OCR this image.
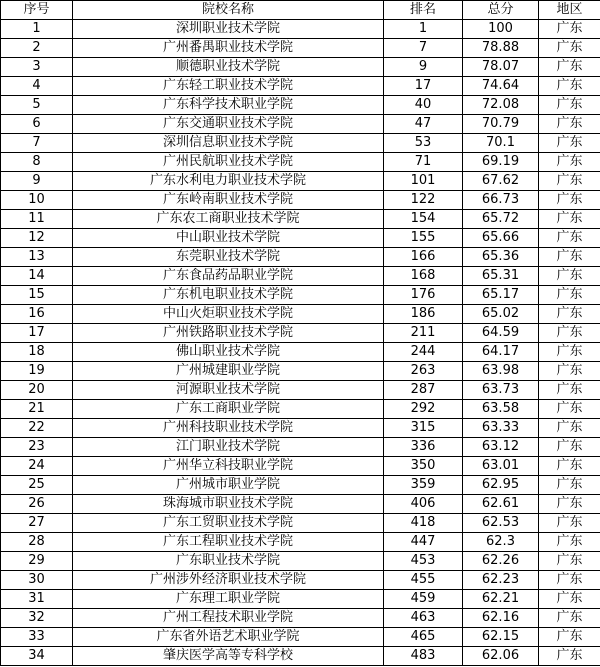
序号	院校名称	排名	总分	地区
1	深圳职业技术学院	1	100	广东
2	广州番禺职业技术学院	7	78.88	广东
3	顺德职业技术学院	9	78.07	广东
4	广东轻工职业技术学院	17	74.64	广东
5	广东科学技术职业学院	40	72.08	广东
6	广东交通职业技术学院	47	70.79	广东
7	深圳信息职业技术学院	53	70.1	广东
8	广州民航职业技术学院	71	69.19	广东
9	广东水利电力职业技术学院	101	67.62	广东
10	广东岭南职业技术学院	122	66.73	广东
11	广东农工商职业技术学院	154	65.72	广东
12	中山职业技术学院	155	65.66	广东
13	东莞职业技术学院	166	65.36	广东
14	广东食品药品职业学院	168	65.31	广东
15	广东机电职业技术学院	176	65.17	广东
16	中山火炬职业技术学院	186	65.02	广东
17	广州铁路职业技术学院	211	64.59	广东
18	佛山职业技术学院	244	64.17	广东
19	广州城建职业学院	263	63.98	广东
20	河源职业技术学院	287	63.73	广东
21	广东工商职业学院	292	63.58	广东
22	广州科技职业技术学院	315	63.33	广东
23	江门职业技术学院	336	63.12	广东
24	广州华立科技职业学院	350	63.01	广东
25	广州城市职业学院	359	62.95	广东
26	珠海城市职业技术学院	406	62.61	广东
27	广东工贸职业技术学院	418	62.53	广东
28	广东工程职业技术学院	447	62.3	广东
29	广东职业技术学院	453	62.26	广东
30	广州涉外经济职业技术学院	455	62.23	广东
31	广东理工职业学院	459	62.21	广东
32	广州工程技术职业学院	463	62.16	广东
33	广东省外语艺术职业学院	465	62.15	广东
34	肇庆医学高等专科学校	483	62.06	广东
